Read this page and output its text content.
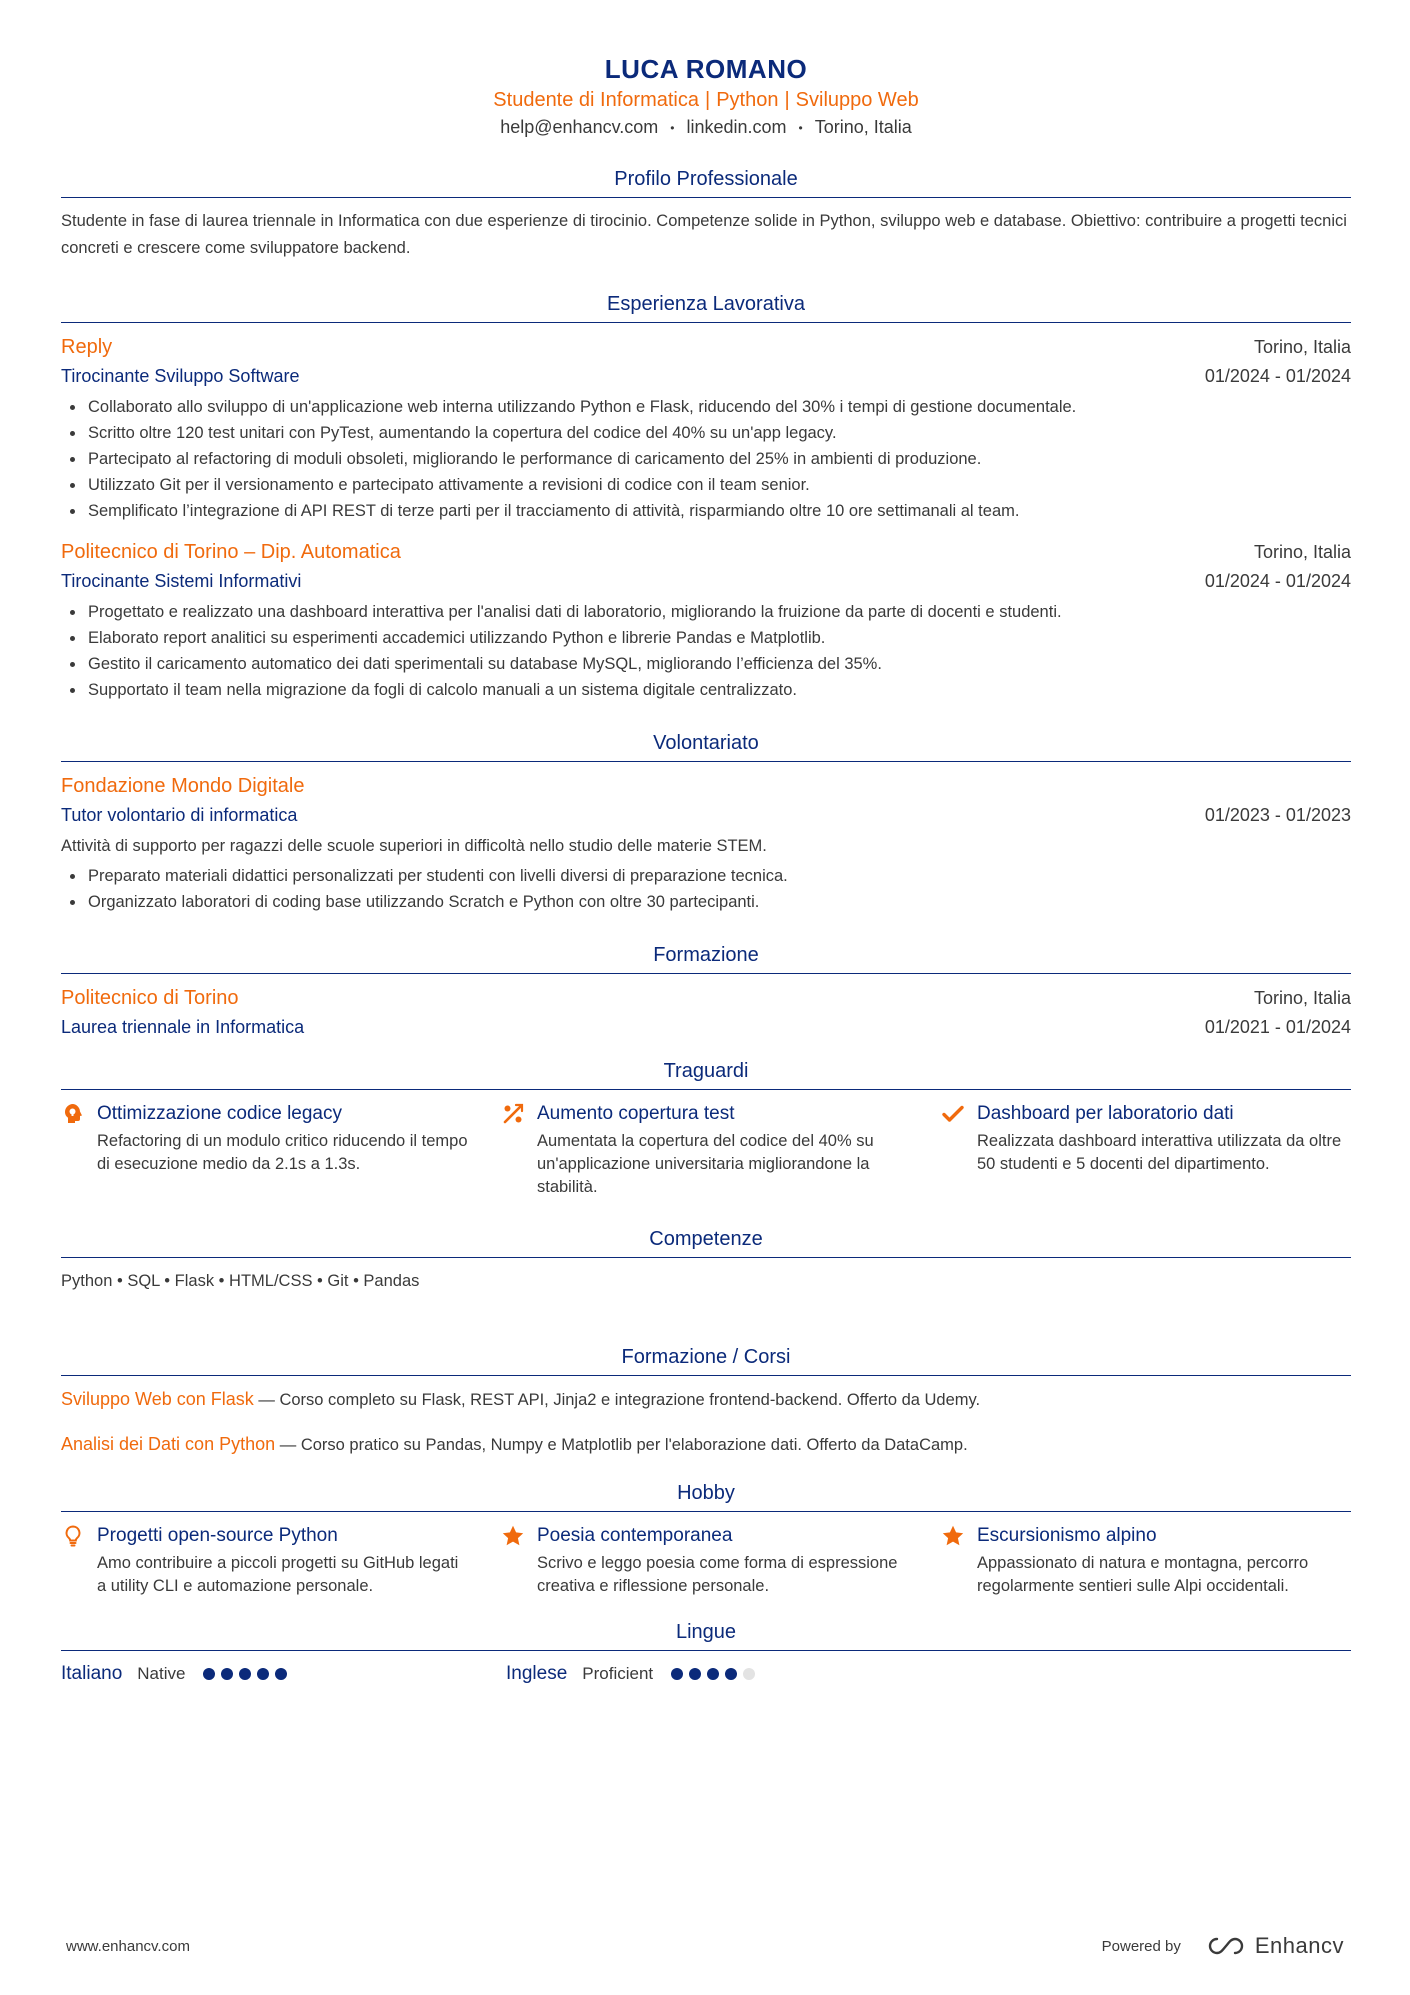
LUCA ROMANO
Studente di Informatica | Python | Sviluppo Web
help@enhancv.com • linkedin.com • Torino, Italia
Profilo Professionale
Studente in fase di laurea triennale in Informatica con due esperienze di tirocinio. Competenze solide in Python, sviluppo web e database. Obiettivo: contribuire a progetti tecnici concreti e crescere come sviluppatore backend.
Esperienza Lavorativa
Reply	Torino, Italia
Tirocinante Sviluppo Software	01/2024 - 01/2024
Collaborato allo sviluppo di un'applicazione web interna utilizzando Python e Flask, riducendo del 30% i tempi di gestione documentale.
Scritto oltre 120 test unitari con PyTest, aumentando la copertura del codice del 40% su un'app legacy.
Partecipato al refactoring di moduli obsoleti, migliorando le performance di caricamento del 25% in ambienti di produzione.
Utilizzato Git per il versionamento e partecipato attivamente a revisioni di codice con il team senior.
Semplificato l’integrazione di API REST di terze parti per il tracciamento di attività, risparmiando oltre 10 ore settimanali al team.
Politecnico di Torino – Dip. Automatica	Torino, Italia
Tirocinante Sistemi Informativi	01/2024 - 01/2024
Progettato e realizzato una dashboard interattiva per l'analisi dati di laboratorio, migliorando la fruizione da parte di docenti e studenti.
Elaborato report analitici su esperimenti accademici utilizzando Python e librerie Pandas e Matplotlib.
Gestito il caricamento automatico dei dati sperimentali su database MySQL, migliorando l’efficienza del 35%.
Supportato il team nella migrazione da fogli di calcolo manuali a un sistema digitale centralizzato.
Volontariato
Fondazione Mondo Digitale
Tutor volontario di informatica	01/2023 - 01/2023
Attività di supporto per ragazzi delle scuole superiori in difficoltà nello studio delle materie STEM.
Preparato materiali didattici personalizzati per studenti con livelli diversi di preparazione tecnica.
Organizzato laboratori di coding base utilizzando Scratch e Python con oltre 30 partecipanti.
Formazione
Politecnico di Torino	Torino, Italia
Laurea triennale in Informatica	01/2021 - 01/2024
Traguardi
Ottimizzazione codice legacy
Refactoring di un modulo critico riducendo il tempo di esecuzione medio da 2.1s a 1.3s.
Aumento copertura test
Aumentata la copertura del codice del 40% su un'applicazione universitaria migliorandone la stabilità.
Dashboard per laboratorio dati
Realizzata dashboard interattiva utilizzata da oltre 50 studenti e 5 docenti del dipartimento.
Competenze
Python • SQL • Flask • HTML/CSS • Git • Pandas
Formazione / Corsi
Sviluppo Web con Flask — Corso completo su Flask, REST API, Jinja2 e integrazione frontend-backend. Offerto da Udemy.
Analisi dei Dati con Python — Corso pratico su Pandas, Numpy e Matplotlib per l'elaborazione dati. Offerto da DataCamp.
Hobby
Progetti open-source Python
Amo contribuire a piccoli progetti su GitHub legati a utility CLI e automazione personale.
Poesia contemporanea
Scrivo e leggo poesia come forma di espressione creativa e riflessione personale.
Escursionismo alpino
Appassionato di natura e montagna, percorro regolarmente sentieri sulle Alpi occidentali.
Lingue
Italiano Native	Inglese Proficient
www.enhancv.com	Powered by	Enhancv
